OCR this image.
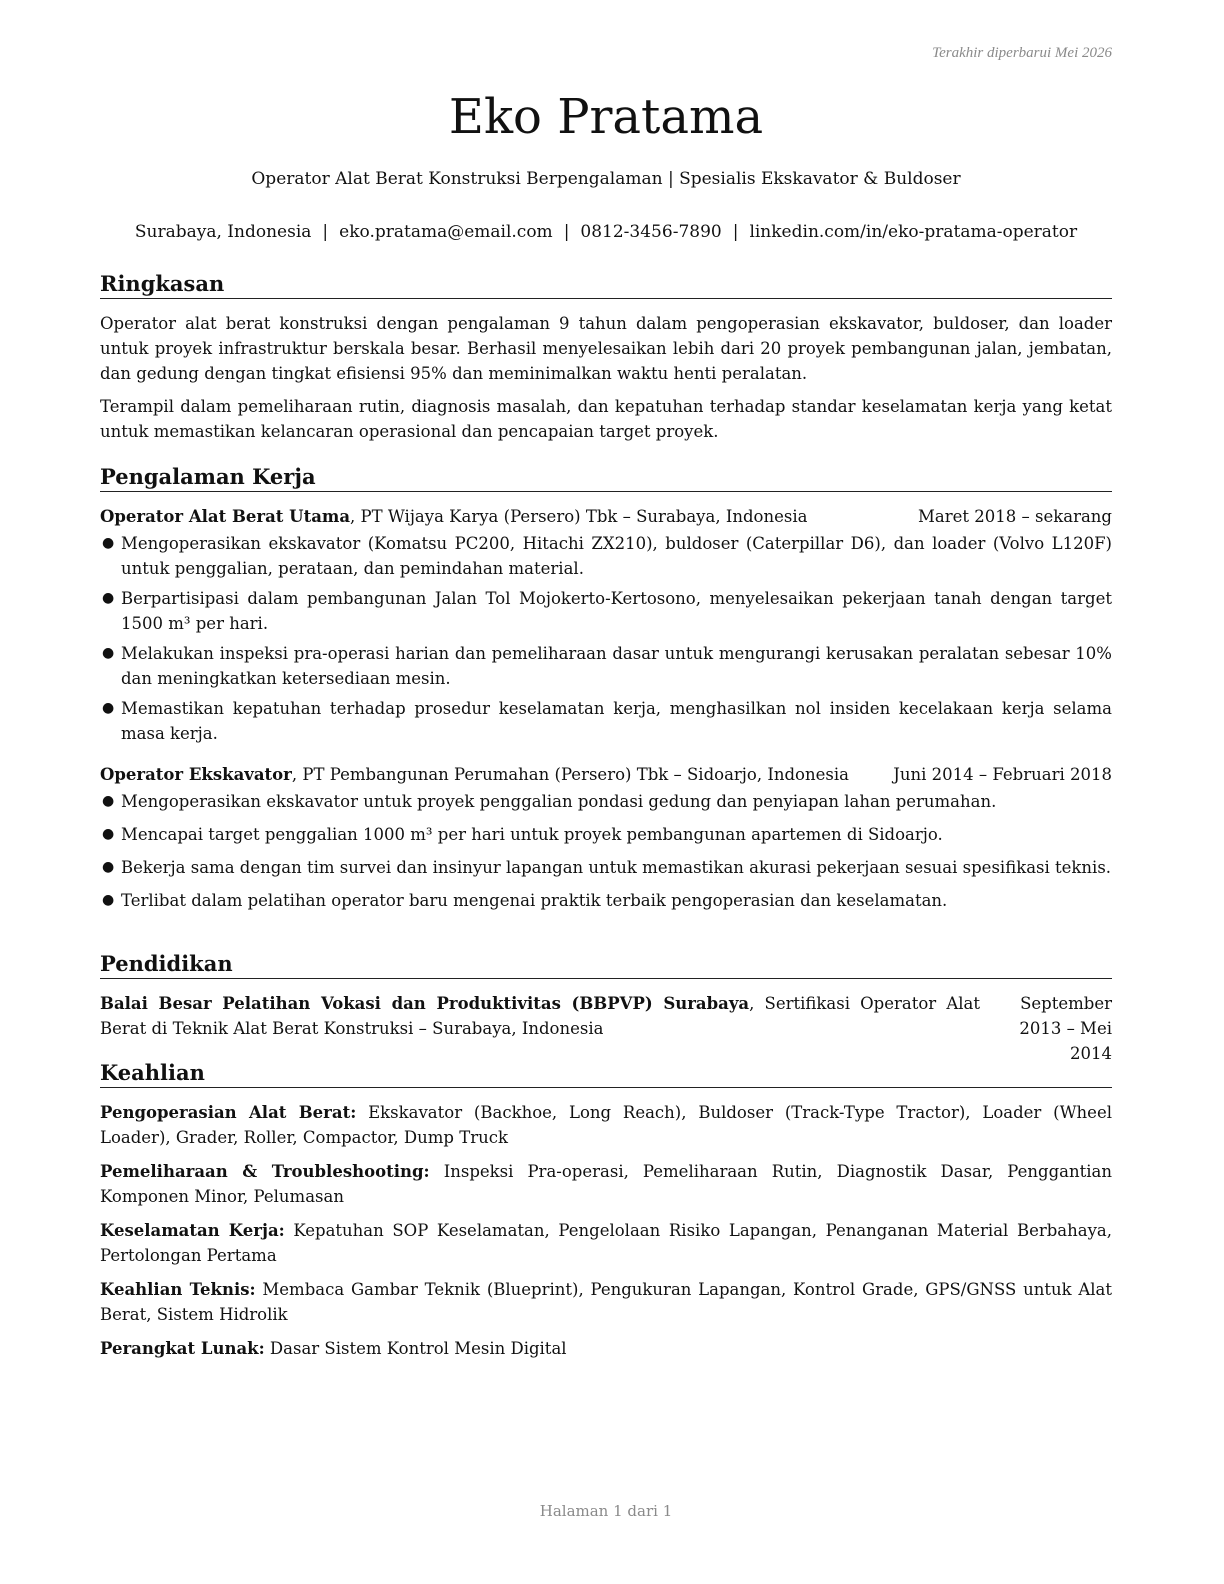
Terakhir diperbarui Mei 2026
Eko Pratama
Operator Alat Berat Konstruksi Berpengalaman | Spesialis Ekskavator & Buldoser
Surabaya, Indonesia | eko.pratama@email.com | 0812-3456-7890 | linkedin.com/in/eko-pratama-operator
Ringkasan

Operator alat berat konstruksi dengan pengalaman 9 tahun dalam pengoperasian ekskavator, buldoser, dan loader untuk proyek infrastruktur berskala besar. Berhasil menyelesaikan lebih dari 20 proyek pembangunan jalan, jembatan, dan gedung dengan tingkat efisiensi 95% dan meminimalkan waktu henti peralatan.

Terampil dalam pemeliharaan rutin, diagnosis masalah, dan kepatuhan terhadap standar keselamatan kerja yang ketat untuk memastikan kelancaran operasional dan pencapaian target proyek.

Pengalaman Kerja
Operator Alat Berat Utama, PT Wijaya Karya (Persero) Tbk – Surabaya, Indonesia	Maret 2018 – sekarang
● Mengoperasikan ekskavator (Komatsu PC200, Hitachi ZX210), buldoser (Caterpillar D6), dan loader (Volvo L120F) untuk penggalian, perataan, dan pemindahan material.
● Berpartisipasi dalam pembangunan Jalan Tol Mojokerto-Kertosono, menyelesaikan pekerjaan tanah dengan target 1500 m³ per hari.
● Melakukan inspeksi pra-operasi harian dan pemeliharaan dasar untuk mengurangi kerusakan peralatan sebesar 10% dan meningkatkan ketersediaan mesin.
● Memastikan kepatuhan terhadap prosedur keselamatan kerja, menghasilkan nol insiden kecelakaan kerja selama masa kerja.
Operator Ekskavator, PT Pembangunan Perumahan (Persero) Tbk – Sidoarjo, Indonesia	Juni 2014 – Februari 2018
● Mengoperasikan ekskavator untuk proyek penggalian pondasi gedung dan penyiapan lahan perumahan.
● Mencapai target penggalian 1000 m³ per hari untuk proyek pembangunan apartemen di Sidoarjo.
● Bekerja sama dengan tim survei dan insinyur lapangan untuk memastikan akurasi pekerjaan sesuai spesifikasi teknis.
● Terlibat dalam pelatihan operator baru mengenai praktik terbaik pengoperasian dan keselamatan.
Pendidikan
Balai Besar Pelatihan Vokasi dan Produktivitas (BBPVP) Surabaya, Sertifikasi Operator Alat Berat di Teknik Alat Berat Konstruksi – Surabaya, Indonesia
September 2013 – Mei 2014
Keahlian

Pengoperasian Alat Berat: Ekskavator (Backhoe, Long Reach), Buldoser (Track-Type Tractor), Loader (Wheel Loader), Grader, Roller, Compactor, Dump Truck

Pemeliharaan & Troubleshooting: Inspeksi Pra-operasi, Pemeliharaan Rutin, Diagnostik Dasar, Penggantian Komponen Minor, Pelumasan

Keselamatan Kerja: Kepatuhan SOP Keselamatan, Pengelolaan Risiko Lapangan, Penanganan Material Berbahaya, Pertolongan Pertama

Keahlian Teknis: Membaca Gambar Teknik (Blueprint), Pengukuran Lapangan, Kontrol Grade, GPS/GNSS untuk Alat Berat, Sistem Hidrolik

Perangkat Lunak: Dasar Sistem Kontrol Mesin Digital

Halaman 1 dari 1
